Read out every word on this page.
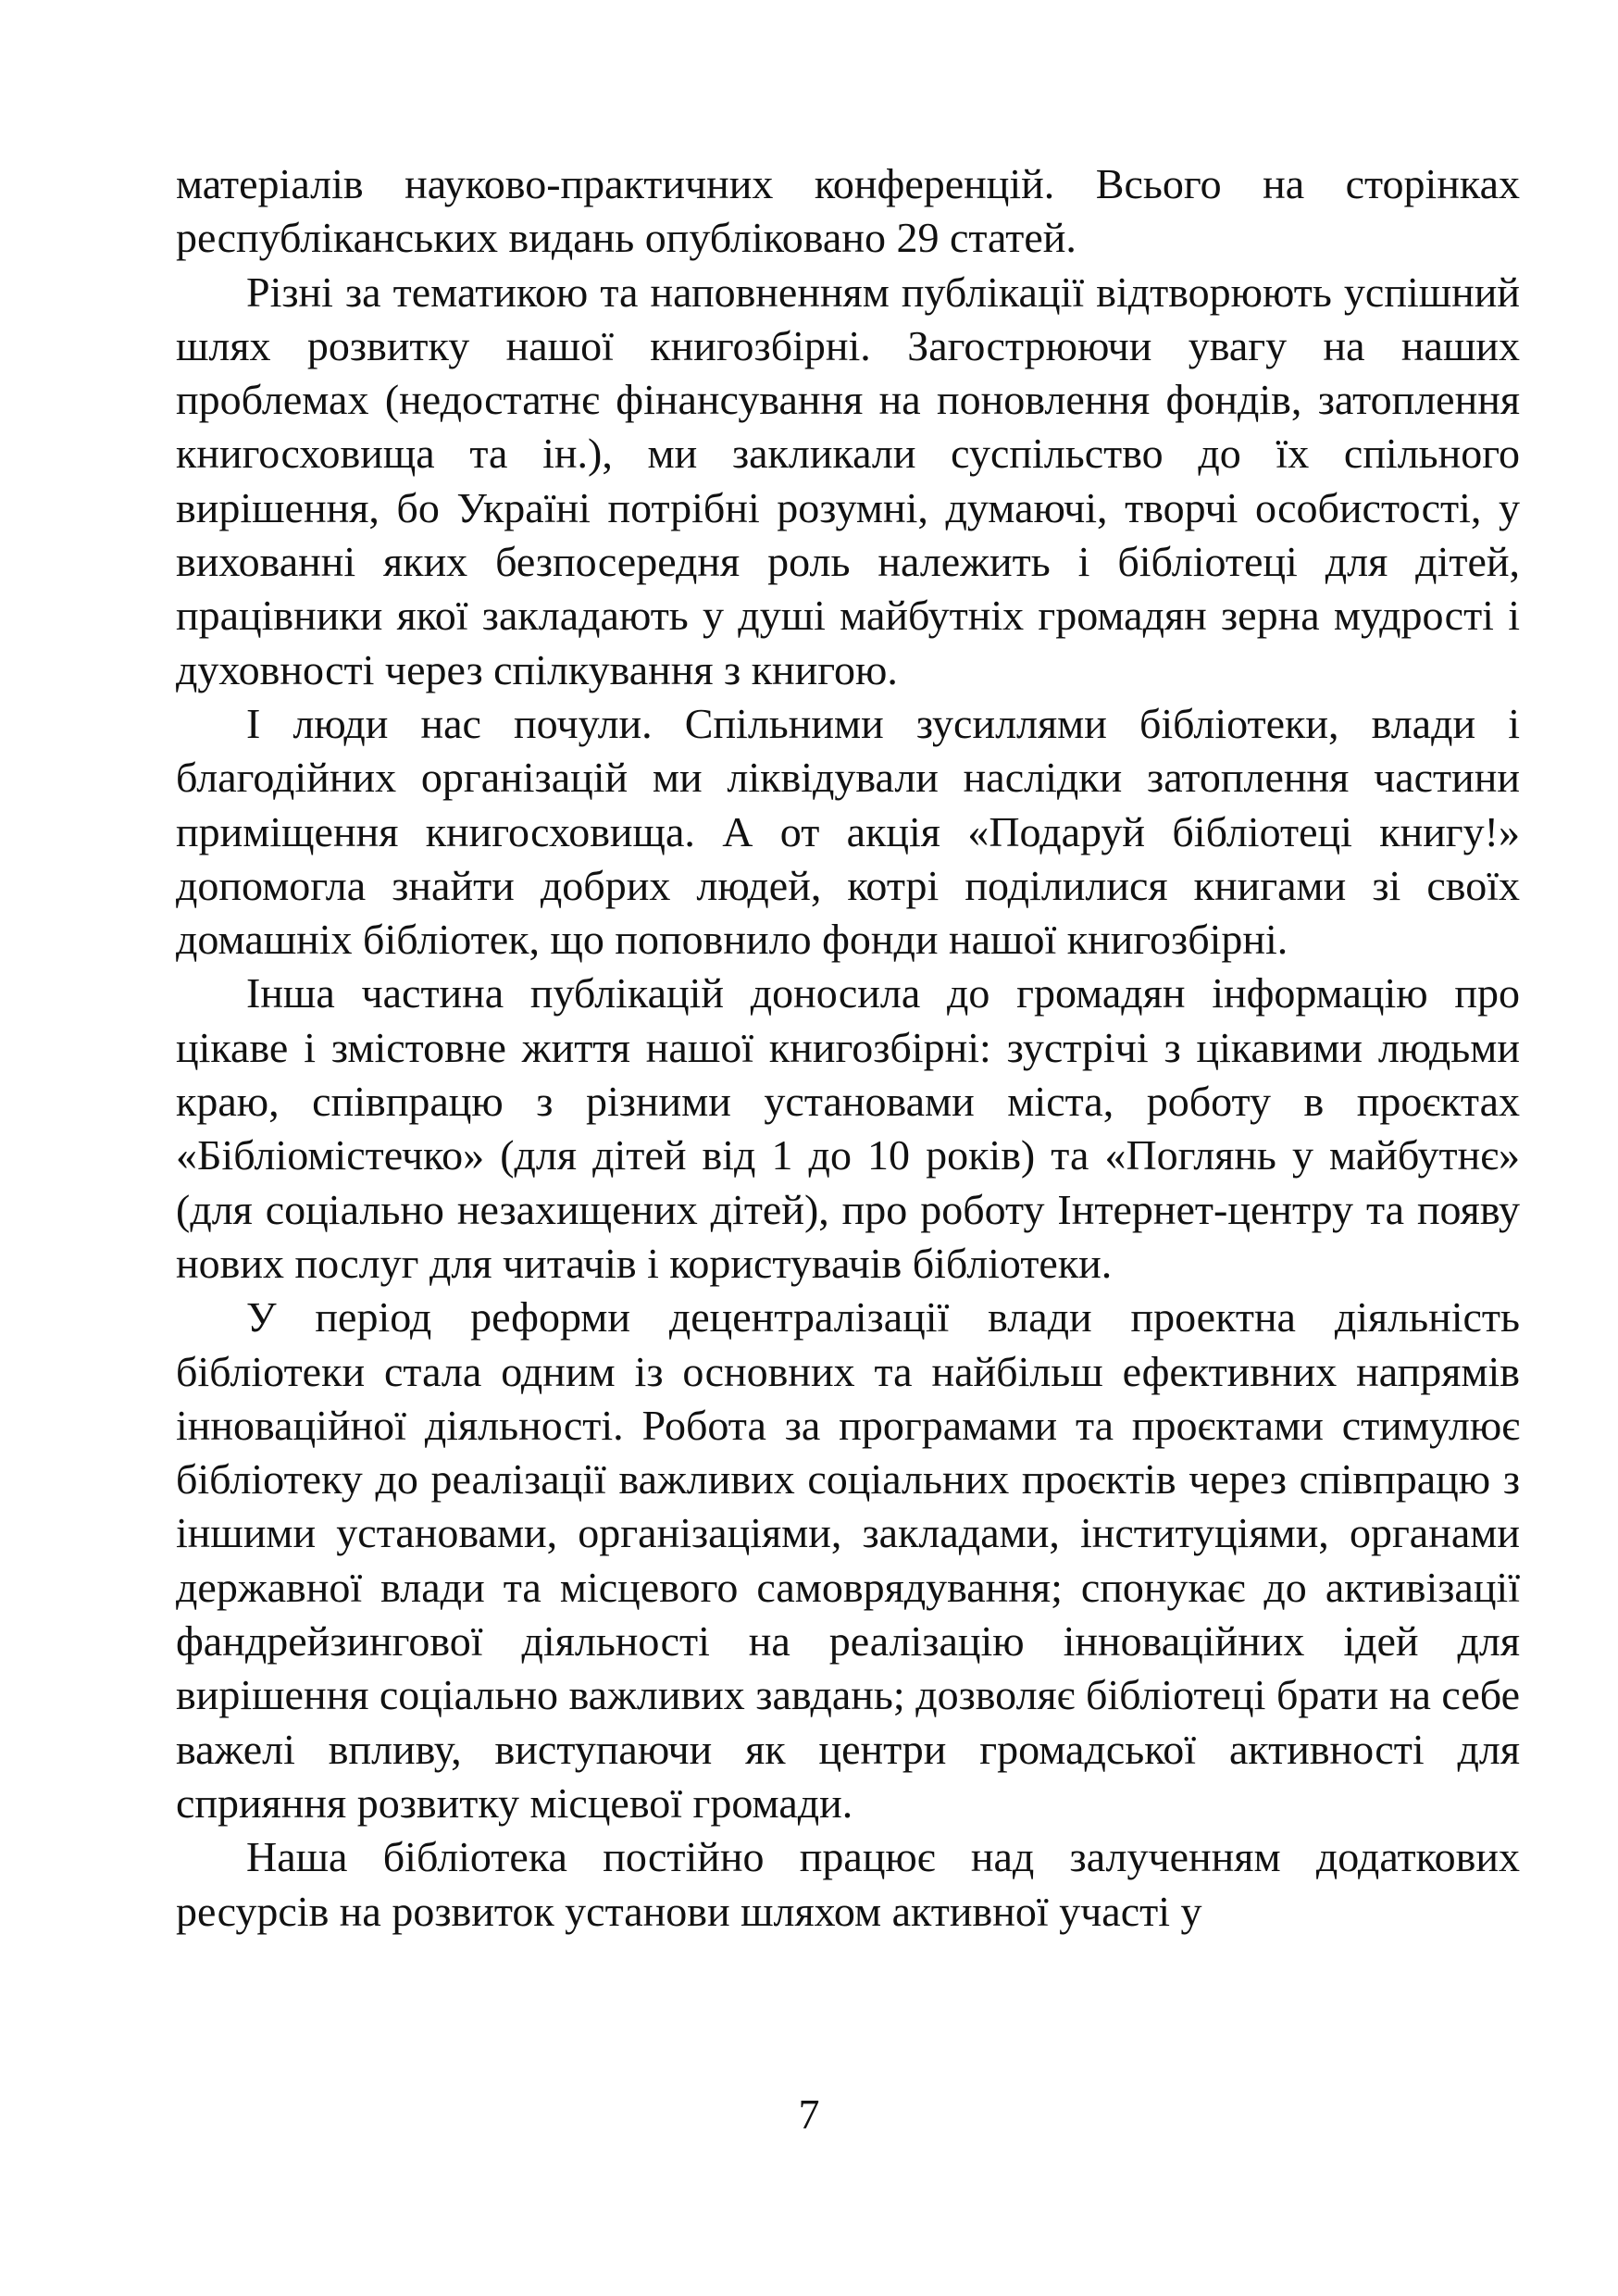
матеріалів науково-практичних конференцій. Всього на сторінках республіканських видань опубліковано 29 статей.

Різні за тематикою та наповненням публікації відтворюють успішний шлях розвитку нашої книгозбірні. Загострюючи увагу на наших проблемах (недостатнє фінансування на поновлення фондів, затоплення книгосховища та ін.), ми закликали суспільство до їх спільного вирішення, бо Україні потрібні розумні, думаючі, творчі особистості, у вихованні яких безпосередня роль належить і бібліотеці для дітей, працівники якої закладають у душі майбутніх громадян зерна мудрості і духовності через спілкування з книгою.

І люди нас почули. Спільними зусиллями бібліотеки, влади і благодійних організацій ми ліквідували наслідки затоплення частини приміщення книгосховища. А от акція «Подаруй бібліотеці книгу!» допомогла знайти добрих людей, котрі поділилися книгами зі своїх домашніх бібліотек, що поповнило фонди нашої книгозбірні.

Інша частина публікацій доносила до громадян інформацію про цікаве і змістовне життя нашої книгозбірні: зустрічі з цікавими людьми краю, співпрацю з різними установами міста, роботу в проєктах «Бібліомістечко» (для дітей від 1 до 10 років) та «Поглянь у майбутнє» (для соціально незахищених дітей), про роботу Інтернет-центру та появу нових послуг для читачів і користувачів бібліотеки.

У період реформи децентралізації влади проектна діяльність бібліотеки стала одним із основних та найбільш ефективних напрямів інноваційної діяльності. Робота за програмами та проєктами стимулює бібліотеку до реалізації важливих соціальних проєктів через співпрацю з іншими установами, організаціями, закладами, інституціями, органами державної влади та місцевого самоврядування; спонукає до активізації фандрейзингової діяльності на реалізацію інноваційних ідей для вирішення соціально важливих завдань; дозволяє бібліотеці брати на себе важелі впливу, виступаючи як центри громадської активності для сприяння розвитку місцевої громади.

Наша бібліотека постійно працює над залученням додаткових ресурсів на розвиток установи шляхом активної участі у

7
